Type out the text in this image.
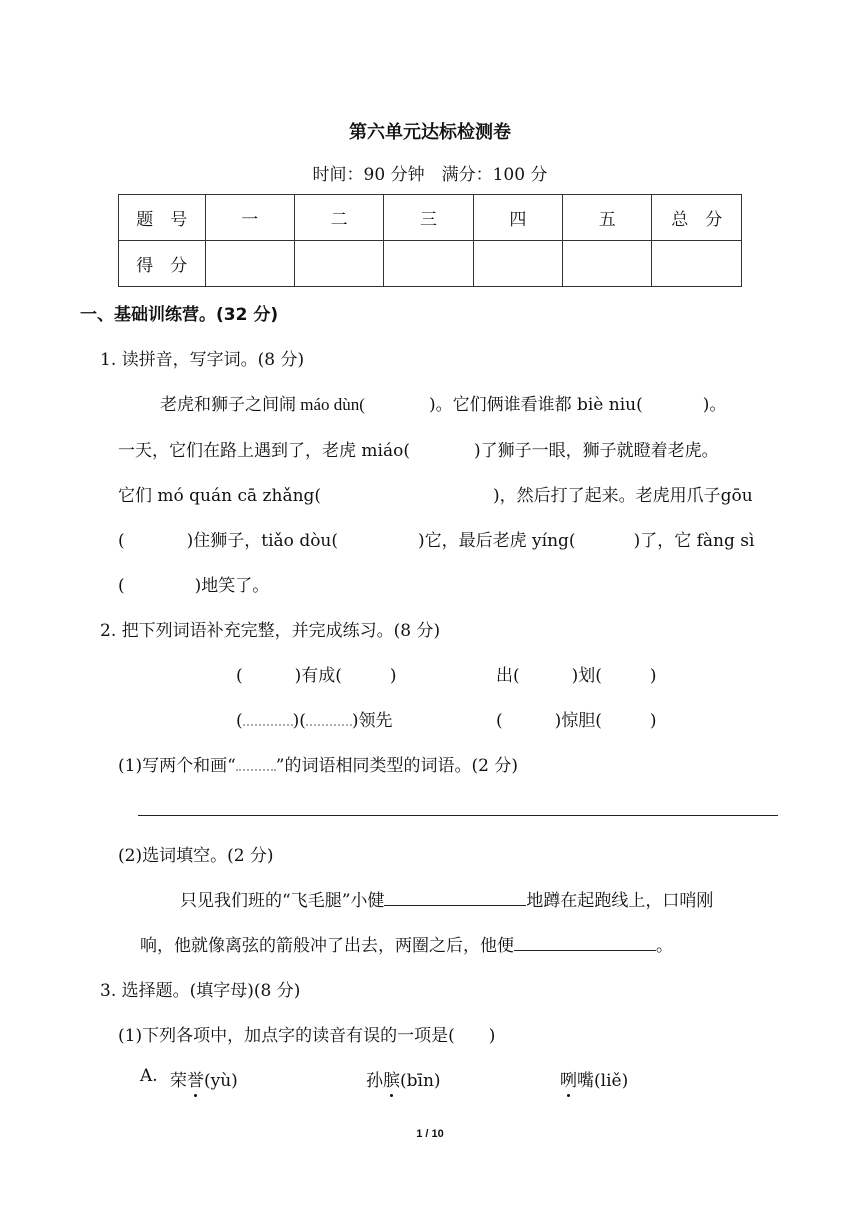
第六单元达标检测卷
时间：90 分钟　满分：100 分
题　号	一	二	三	四	五	总　分
得　分						
一、基础训练营。(32 分)
1. 读拼音，写字词。(8 分)
老虎和狮子之间闹 máo dùn(	)。它们俩谁看谁都 biè niu(	)。
一天，它们在路上遇到了，老虎 miáo(	)了狮子一眼，狮子就瞪着老虎。
它们 mó quán cā zhǎng(	)，然后打了起来。老虎用爪子gōu
(	)住狮子，tiǎo dòu(	)它，最后老虎 yíng(	)了，它 fàng sì
(	)地笑了。
2. 把下列词语补充完整，并完成练习。(8 分)
(	)有成(	)	出(	)划(	)
(	)(	)领先	(	)惊胆(	)
(1)写两个和画“ ”的词语相同类型的词语。(2 分)
(2)选词填空。(2 分)
只见我们班的“飞毛腿”小健	地蹲在起跑线上，口哨刚
响，他就像离弦的箭般冲了出去，两圈之后，他便	。
3. 选择题。(填字母)(8 分)
(1)下列各项中，加点字的读音有误的一项是( )
A. 荣誉(yù)	孙膑(bīn)	咧嘴(liě)
1 / 10
